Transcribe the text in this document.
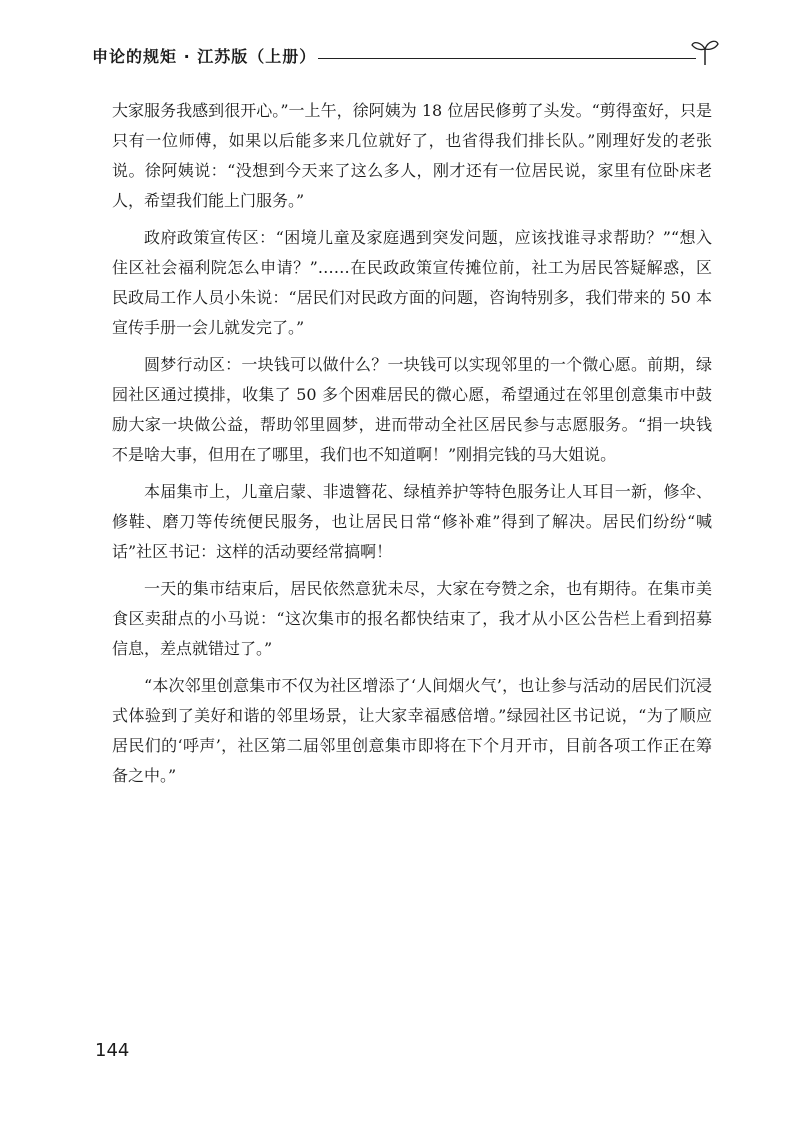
申论的规矩 · 江苏版（上册）

大家服务我感到很开心。”一上午，徐阿姨为 18 位居民修剪了头发。“剪得蛮好，只是只有一位师傅，如果以后能多来几位就好了，也省得我们排长队。”刚理好发的老张说。徐阿姨说：“没想到今天来了这么多人，刚才还有一位居民说，家里有位卧床老人，希望我们能上门服务。”

政府政策宣传区：“困境儿童及家庭遇到突发问题，应该找谁寻求帮助？”“想入住区社会福利院怎么申请？”……在民政政策宣传摊位前，社工为居民答疑解惑，区民政局工作人员小朱说：“居民们对民政方面的问题，咨询特别多，我们带来的 50 本宣传手册一会儿就发完了。”

圆梦行动区：一块钱可以做什么？一块钱可以实现邻里的一个微心愿。前期，绿园社区通过摸排，收集了 50 多个困难居民的微心愿，希望通过在邻里创意集市中鼓励大家一块做公益，帮助邻里圆梦，进而带动全社区居民参与志愿服务。“捐一块钱不是啥大事，但用在了哪里，我们也不知道啊！”刚捐完钱的马大姐说。

本届集市上，儿童启蒙、非遗簪花、绿植养护等特色服务让人耳目一新，修伞、修鞋、磨刀等传统便民服务，也让居民日常“修补难”得到了解决。居民们纷纷“喊话”社区书记：这样的活动要经常搞啊！

一天的集市结束后，居民依然意犹未尽，大家在夸赞之余，也有期待。在集市美食区卖甜点的小马说：“这次集市的报名都快结束了，我才从小区公告栏上看到招募信息，差点就错过了。”

“本次邻里创意集市不仅为社区增添了‘人间烟火气’，也让参与活动的居民们沉浸式体验到了美好和谐的邻里场景，让大家幸福感倍增。”绿园社区书记说，“为了顺应居民们的‘呼声’，社区第二届邻里创意集市即将在下个月开市，目前各项工作正在筹备之中。”

144
